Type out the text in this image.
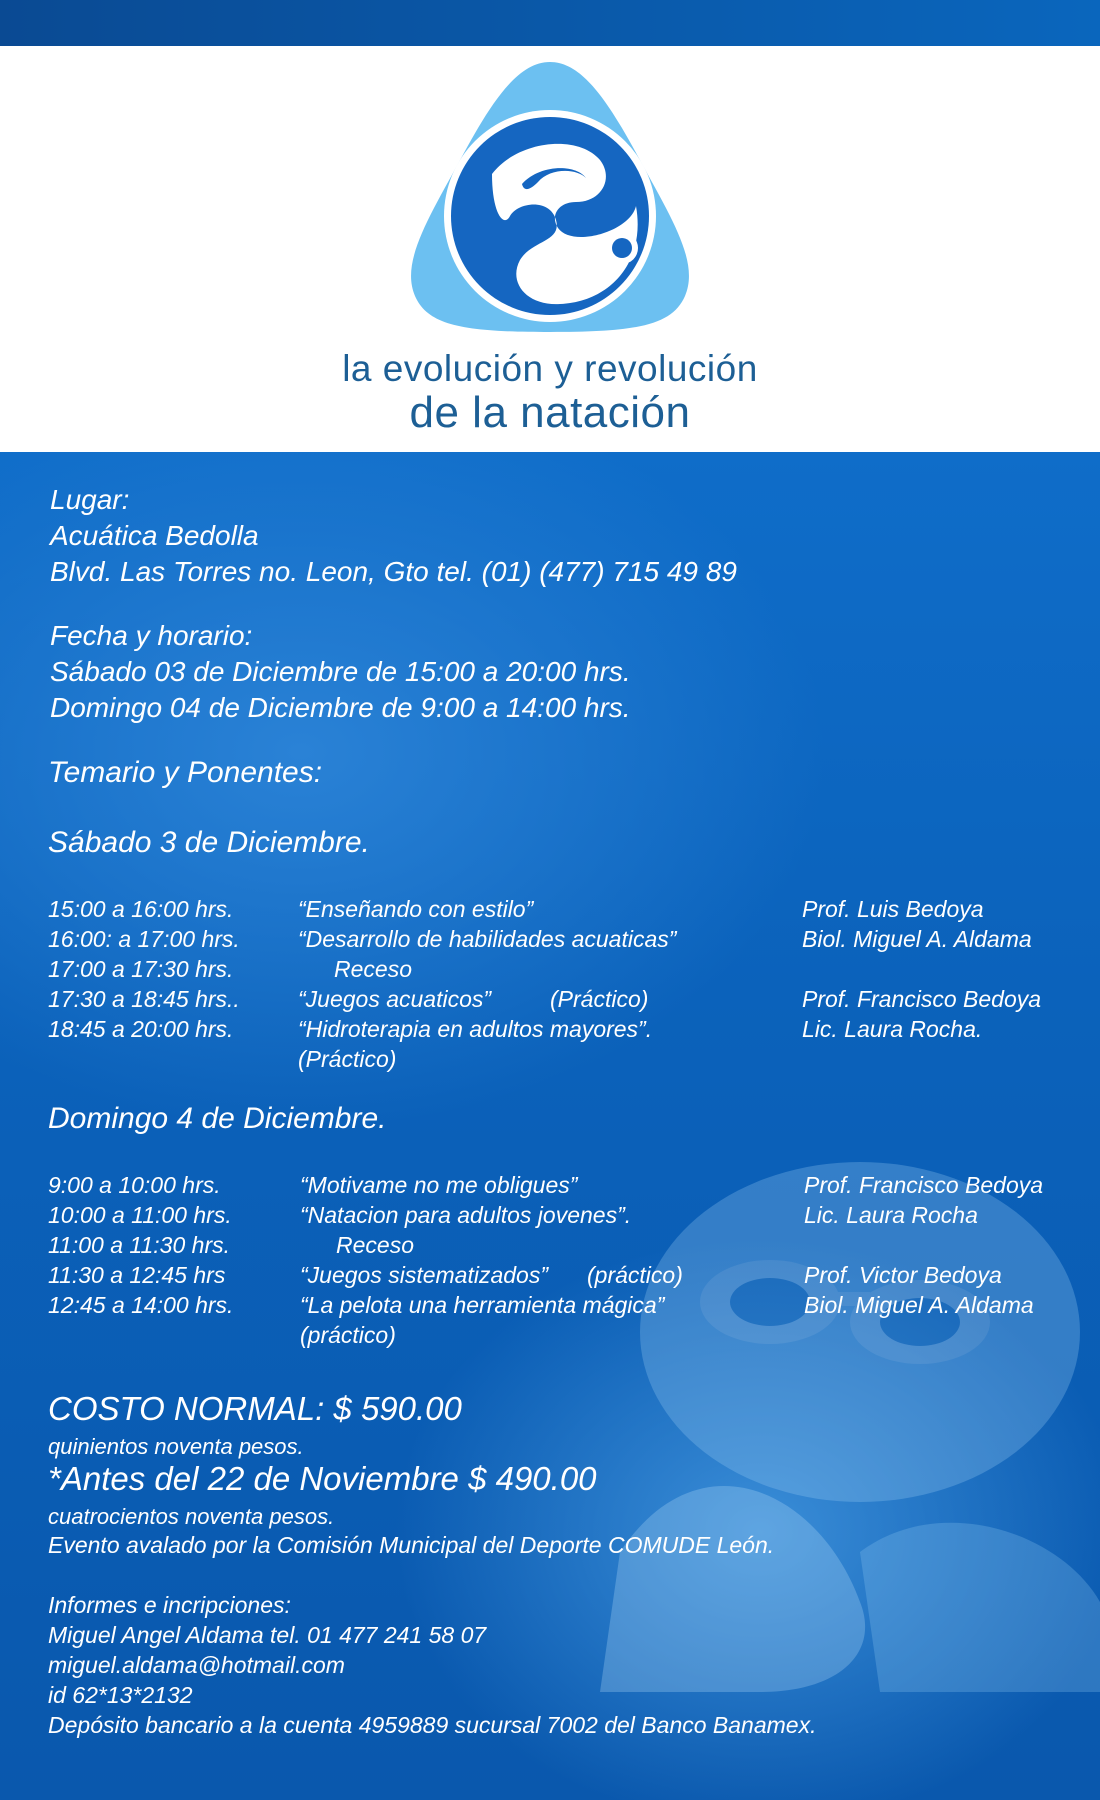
la evolución y revolución
de la natación
Lugar:
Acuática Bedolla
Blvd. Las Torres no. Leon, Gto tel. (01) (477) 715 49 89
Fecha y horario:
Sábado 03 de Diciembre de 15:00 a 20:00 hrs.
Domingo 04 de Diciembre de 9:00 a 14:00 hrs.
Temario y Ponentes:
Sábado 3 de Diciembre.
15:00 a 16:00 hrs.	“Enseñando con estilo”	Prof. Luis Bedoya
16:00: a 17:00 hrs.	“Desarrollo de habilidades acuaticas”	Biol. Miguel A. Aldama
17:00 a 17:30 hrs.	Receso
17:30 a 18:45 hrs..	“Juegos acuaticos”	(Práctico)	Prof. Francisco Bedoya
18:45 a 20:00 hrs.	“Hidroterapia en adultos mayores”.	Lic. Laura Rocha.
(Práctico)
Domingo 4 de Diciembre.
9:00 a 10:00 hrs.	“Motivame no me obligues”	Prof. Francisco Bedoya
10:00 a 11:00 hrs.	“Natacion para adultos jovenes”.	Lic. Laura Rocha
11:00 a 11:30 hrs.	Receso
11:30 a 12:45 hrs	“Juegos sistematizados” (práctico)	Prof. Victor Bedoya
12:45 a 14:00 hrs.	“La pelota una herramienta mágica”	Biol. Miguel A. Aldama
(práctico)
COSTO NORMAL: $ 590.00
quinientos noventa pesos.
*Antes del 22 de Noviembre $ 490.00
cuatrocientos noventa pesos.
Evento avalado por la Comisión Municipal del Deporte COMUDE León.
Informes e incripciones:
Miguel Angel Aldama tel. 01 477 241 58 07
miguel.aldama@hotmail.com
id 62*13*2132
Depósito bancario a la cuenta 4959889 sucursal 7002 del Banco Banamex.
